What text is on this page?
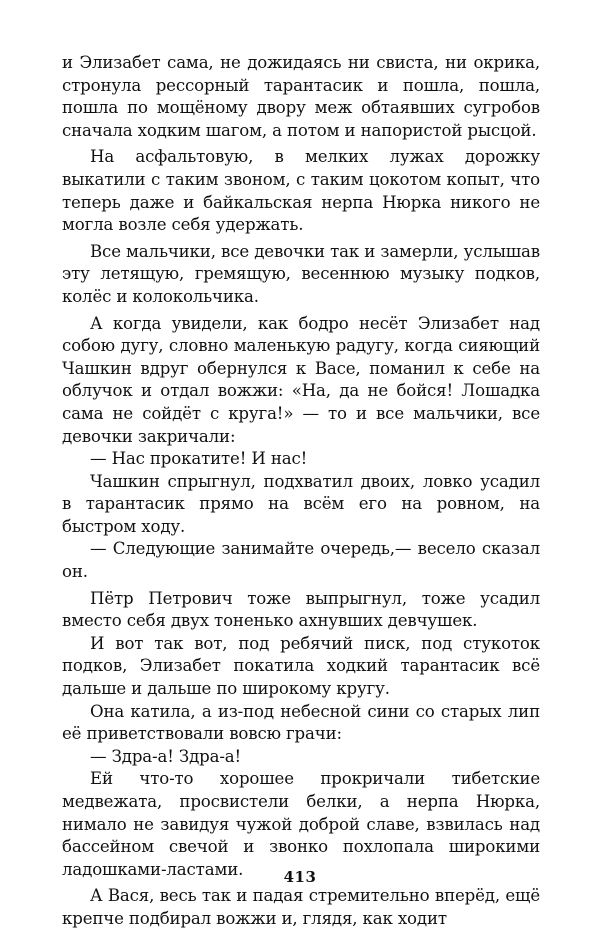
и Элизабет сама, не дожидаясь ни свиста, ни окрика, стронула рессорный тарантасик и пошла, пошла, пошла по мощёному двору меж обтаявших сугробов сначала ходким шагом, а потом и напористой рысцой.

На асфальтовую, в мелких лужах дорожку выкатили с таким звоном, с таким цокотом копыт, что теперь даже и байкальская нерпа Нюрка никого не могла возле себя удержать.

Все мальчики, все девочки так и замерли, услышав эту летящую, гремящую, весеннюю музыку подков, колёс и колокольчика.

А когда увидели, как бодро несёт Элизабет над собою дугу, словно маленькую радугу, когда сияющий Чашкин вдруг обернулся к Васе, поманил к себе на облучок и отдал вожжи: «На, да не бойся! Лошадка сама не сойдёт с круга!» — то и все мальчики, все девочки закричали:

— Нас прокатите! И нас!

Чашкин спрыгнул, подхватил двоих, ловко усадил в тарантасик прямо на всём его на ровном, на быстром ходу.

— Следующие занимайте очередь,— весело сказал он.

Пётр Петрович тоже выпрыгнул, тоже усадил вместо себя двух тоненько ахнувших девчушек.

И вот так вот, под ребячий писк, под стукоток подков, Элизабет покатила ходкий тарантасик всё дальше и дальше по широкому кругу.

Она катила, а из-под небесной сини со старых лип её приветствовали вовсю грачи:

— Здра-а! Здра-а!

Ей что-то хорошее прокричали тибетские медвежата, просвистели белки, а нерпа Нюрка, нимало не завидуя чужой доброй славе, взвилась над бассейном свечой и звонко похлопала широкими ладошками-ластами.

А Вася, весь так и падая стремительно вперёд, ещё крепче подбирал вожжи и, глядя, как ходит

413
